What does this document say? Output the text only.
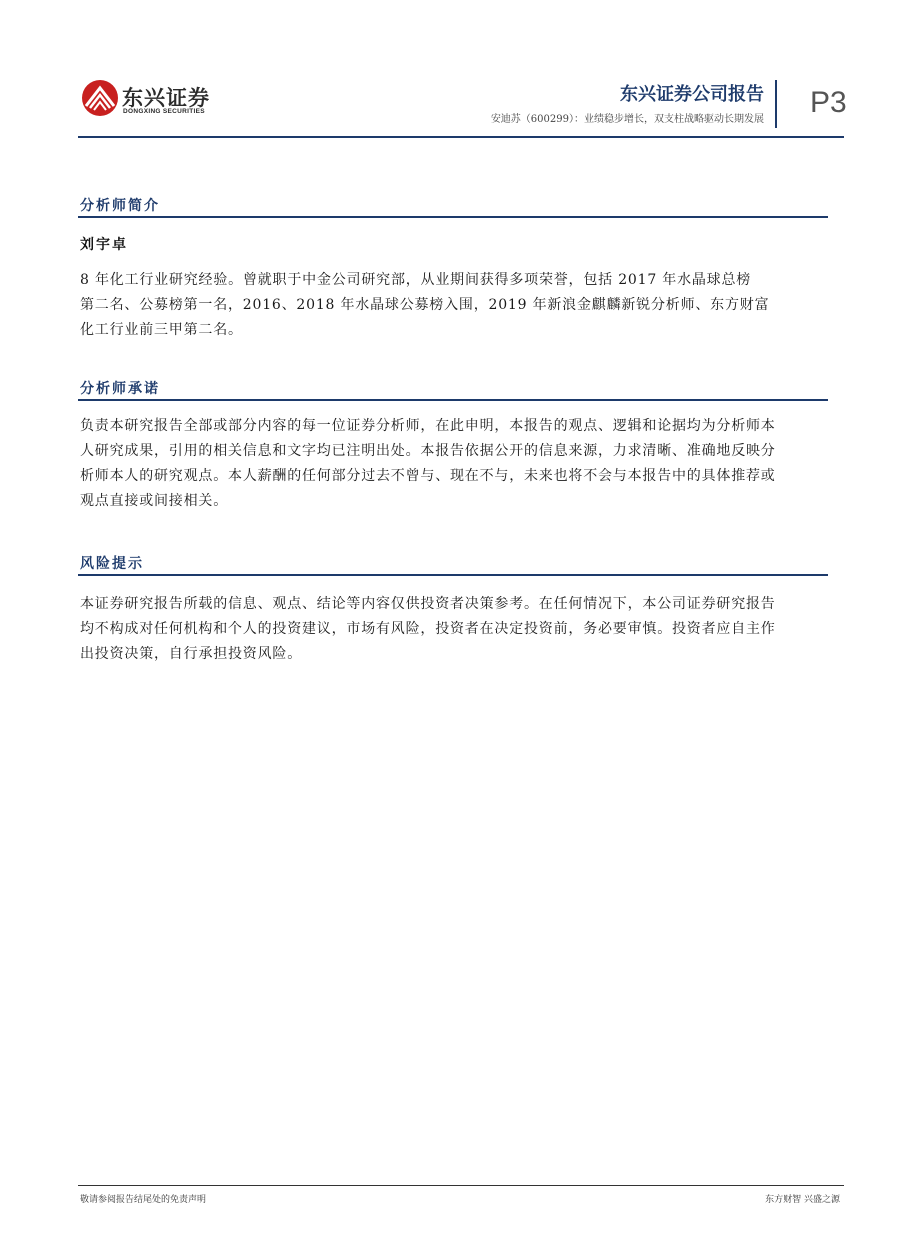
东兴证券
DONGXING SECURITIES
东兴证券公司报告
安迪苏（600299）：业绩稳步增长，双支柱战略驱动长期发展
P3
分析师简介
刘宇卓
8 年化工行业研究经验。曾就职于中金公司研究部，从业期间获得多项荣誉，包括 2017 年水晶球总榜
第二名、公募榜第一名，2016、2018 年水晶球公募榜入围，2019 年新浪金麒麟新锐分析师、东方财富
化工行业前三甲第二名。
分析师承诺
负责本研究报告全部或部分内容的每一位证券分析师，在此申明，本报告的观点、逻辑和论据均为分析师本
人研究成果，引用的相关信息和文字均已注明出处。本报告依据公开的信息来源，力求清晰、准确地反映分
析师本人的研究观点。本人薪酬的任何部分过去不曾与、现在不与，未来也将不会与本报告中的具体推荐或
观点直接或间接相关。
风险提示
本证券研究报告所载的信息、观点、结论等内容仅供投资者决策参考。在任何情况下，本公司证券研究报告
均不构成对任何机构和个人的投资建议，市场有风险，投资者在决定投资前，务必要审慎。投资者应自主作
出投资决策，自行承担投资风险。
敬请参阅报告结尾处的免责声明	东方财智 兴盛之源
